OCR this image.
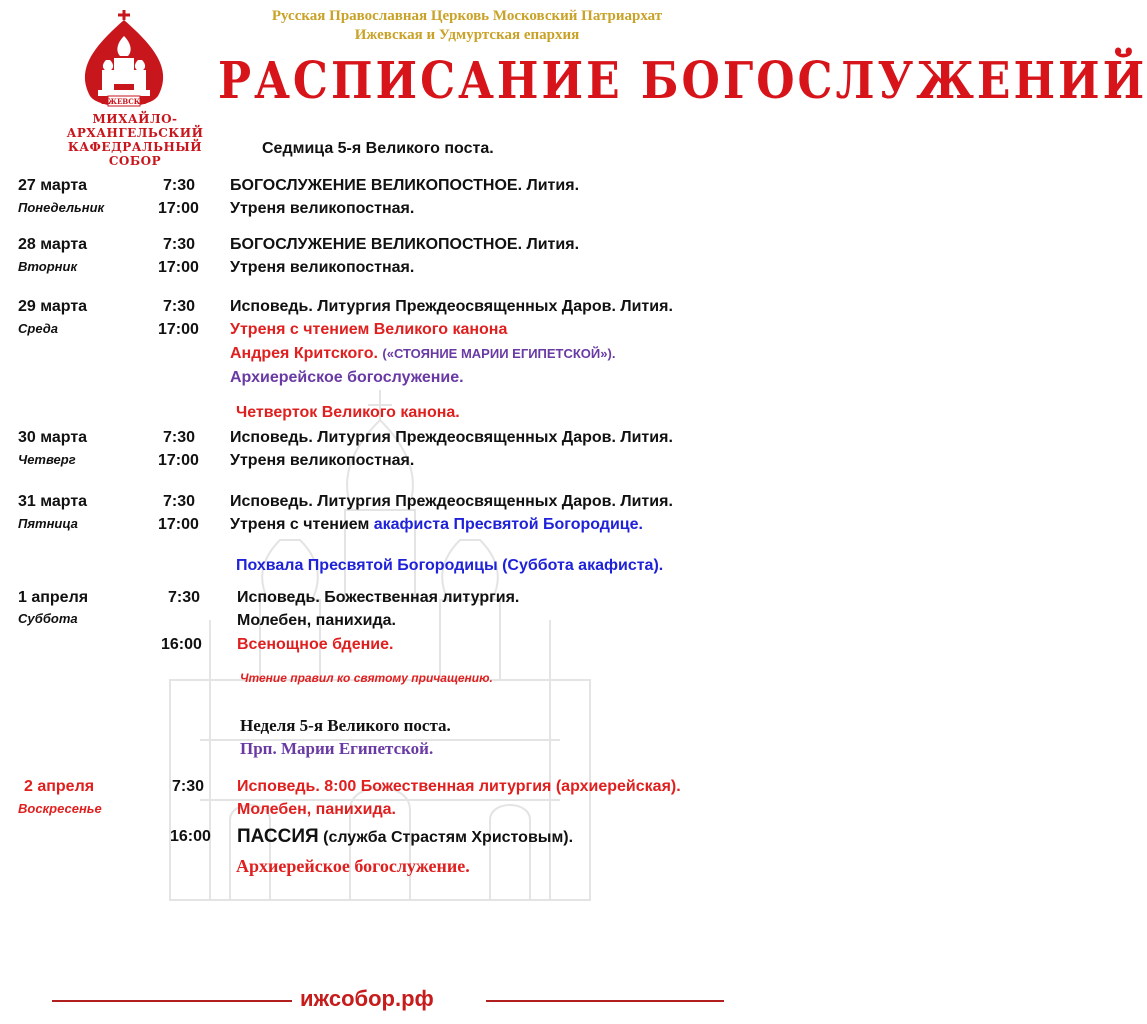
ИЖЕВСКЪ
МИХАЙЛО-АРХАНГЕЛЬСКИЙ
КАФЕДРАЛЬНЫЙ СОБОР
Русская Православная Церковь Московский Патриархат
Ижевская и Удмуртская епархия
РАСПИСАНИЕ БОГОСЛУЖЕНИЙ
Седмица 5-я Великого поста.
27 марта
Понедельник
7:30 БОГОСЛУЖЕНИЕ ВЕЛИКОПОСТНОЕ. Лития.
17:00 Утреня великопостная.
28 марта
Вторник
7:30 БОГОСЛУЖЕНИЕ ВЕЛИКОПОСТНОЕ. Лития.
17:00 Утреня великопостная.
29 марта
Среда
7:30 Исповедь. Литургия Преждеосвященных Даров. Лития.
17:00 Утреня с чтением Великого канона
Андрея Критского. («СТОЯНИЕ МАРИИ ЕГИПЕТСКОЙ»).
Архиерейское богослужение.
Четверток Великого канона.
30 марта
Четверг
7:30 Исповедь. Литургия Преждеосвященных Даров. Лития.
17:00 Утреня великопостная.
31 марта
Пятница
7:30 Исповедь. Литургия Преждеосвященных Даров. Лития.
17:00 Утреня с чтением акафиста Пресвятой Богородице.
Похвала Пресвятой Богородицы (Суббота акафиста).
1 апреля
Суббота
7:30 Исповедь. Божественная литургия.
Молебен, панихида.
16:00 Всенощное бдение.
Чтение правил ко святому причащению.
Неделя 5-я Великого поста.
Прп. Марии Египетской.
2 апреля
Воскресенье
7:30 Исповедь. 8:00 Божественная литургия (архиерейская).
Молебен, панихида.
16:00 ПАССИЯ (служба Страстям Христовым).
Архиерейское богослужение.
ижсобор.рф
